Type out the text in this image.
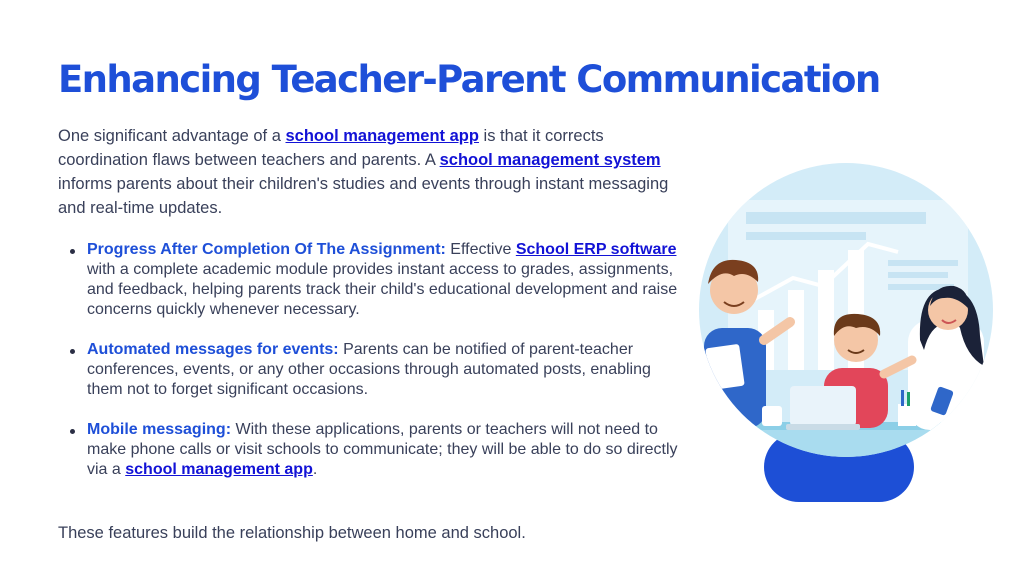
Enhancing Teacher-Parent Communication

One significant advantage of a school management app is that it corrects coordination flaws between teachers and parents. A school management system informs parents about their children's studies and events through instant messaging and real-time updates.

Progress After Completion Of The Assignment: Effective School ERP software with a complete academic module provides instant access to grades, assignments, and feedback, helping parents track their child's educational development and raise concerns quickly whenever necessary.
Automated messages for events: Parents can be notified of parent-teacher conferences, events, or any other occasions through automated posts, enabling them not to forget significant occasions.
Mobile messaging: With these applications, parents or teachers will not need to make phone calls or visit schools to communicate; they will be able to do so directly via a school management app.

These features build the relationship between home and school.
